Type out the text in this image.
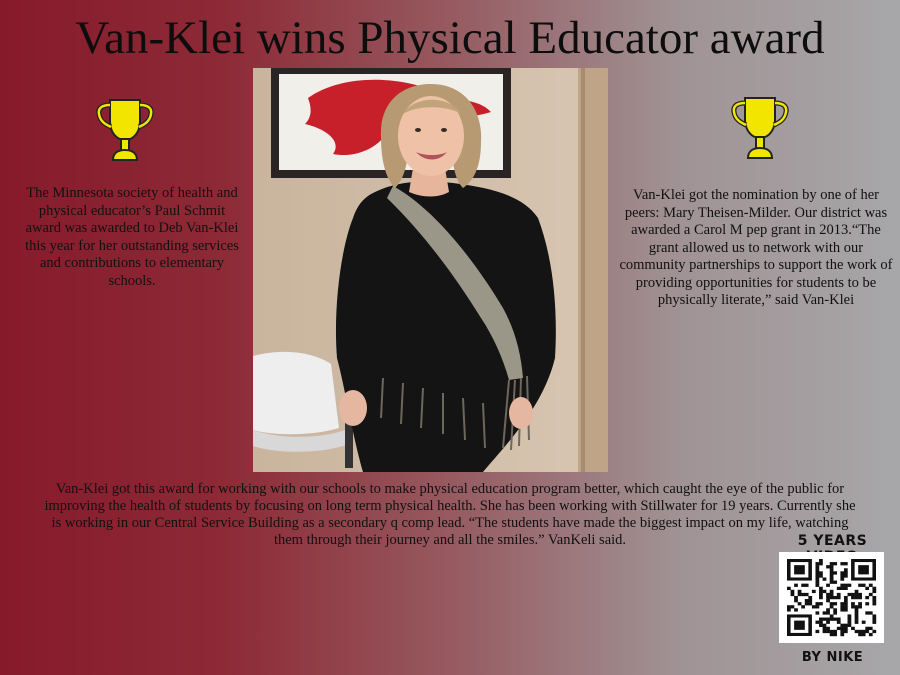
Van-Klei wins Physical Educator award

The Minnesota society of health and physical educator’s Paul Schmit award was awarded to Deb Van-Klei this year for her outstanding services and contributions to elementary schools.

Van-Klei got the nomination by one of her peers: Mary Theisen-Milder. Our district was awarded a Carol M pep grant in 2013.“The grant allowed us to network with our community partnerships to support the work of providing opportunities for students to be physically literate,” said Van-Klei

Van-Klei got this award for working with our schools to make physical education program better, which caught the eye of the public for improving the health of students by focusing on long term physical health. She has been working with Stillwater for 19 years. Currently she is working in our Central Service Building as a secondary q comp lead. “The students have made the biggest impact on my life, watching them through their journey and all the smiles.” VanKeli said.	5 YEARS
BY NIKE
